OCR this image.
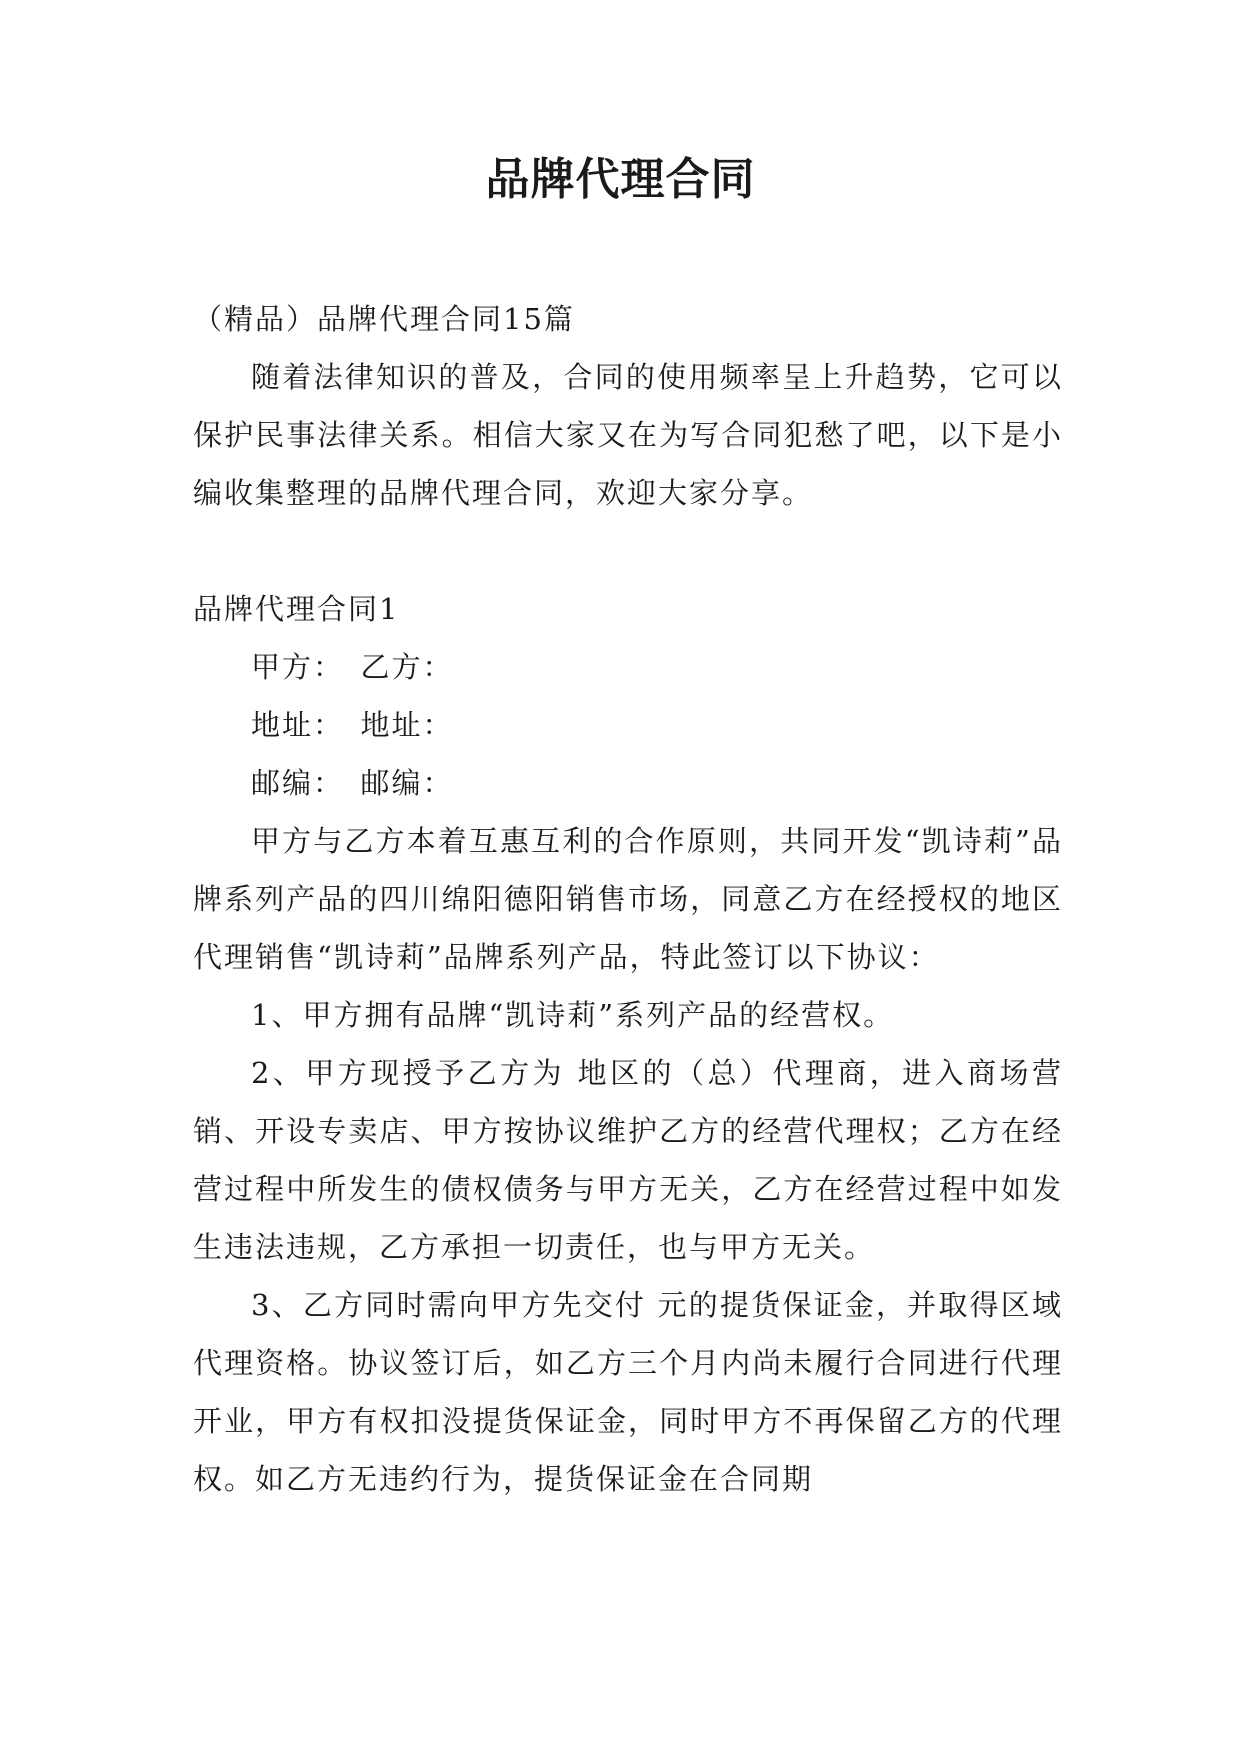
品牌代理合同

（精品）品牌代理合同15篇

随着法律知识的普及，合同的使用频率呈上升趋势，它可以保护民事法律关系。相信大家又在为写合同犯愁了吧，以下是小编收集整理的品牌代理合同，欢迎大家分享。

品牌代理合同1

甲方：　乙方：

地址：　地址：

邮编：　邮编：

甲方与乙方本着互惠互利的合作原则，共同开发“凯诗莉”品牌系列产品的四川绵阳德阳销售市场，同意乙方在经授权的地区代理销售“凯诗莉”品牌系列产品，特此签订以下协议：

1、甲方拥有品牌“凯诗莉”系列产品的经营权。

2、甲方现授予乙方为 地区的（总）代理商，进入商场营销、开设专卖店、甲方按协议维护乙方的经营代理权；乙方在经营过程中所发生的债权债务与甲方无关，乙方在经营过程中如发生违法违规，乙方承担一切责任，也与甲方无关。

3、乙方同时需向甲方先交付 元的提货保证金，并取得区域代理资格。协议签订后，如乙方三个月内尚未履行合同进行代理开业，甲方有权扣没提货保证金，同时甲方不再保留乙方的代理权。如乙方无违约行为，提货保证金在合同期
